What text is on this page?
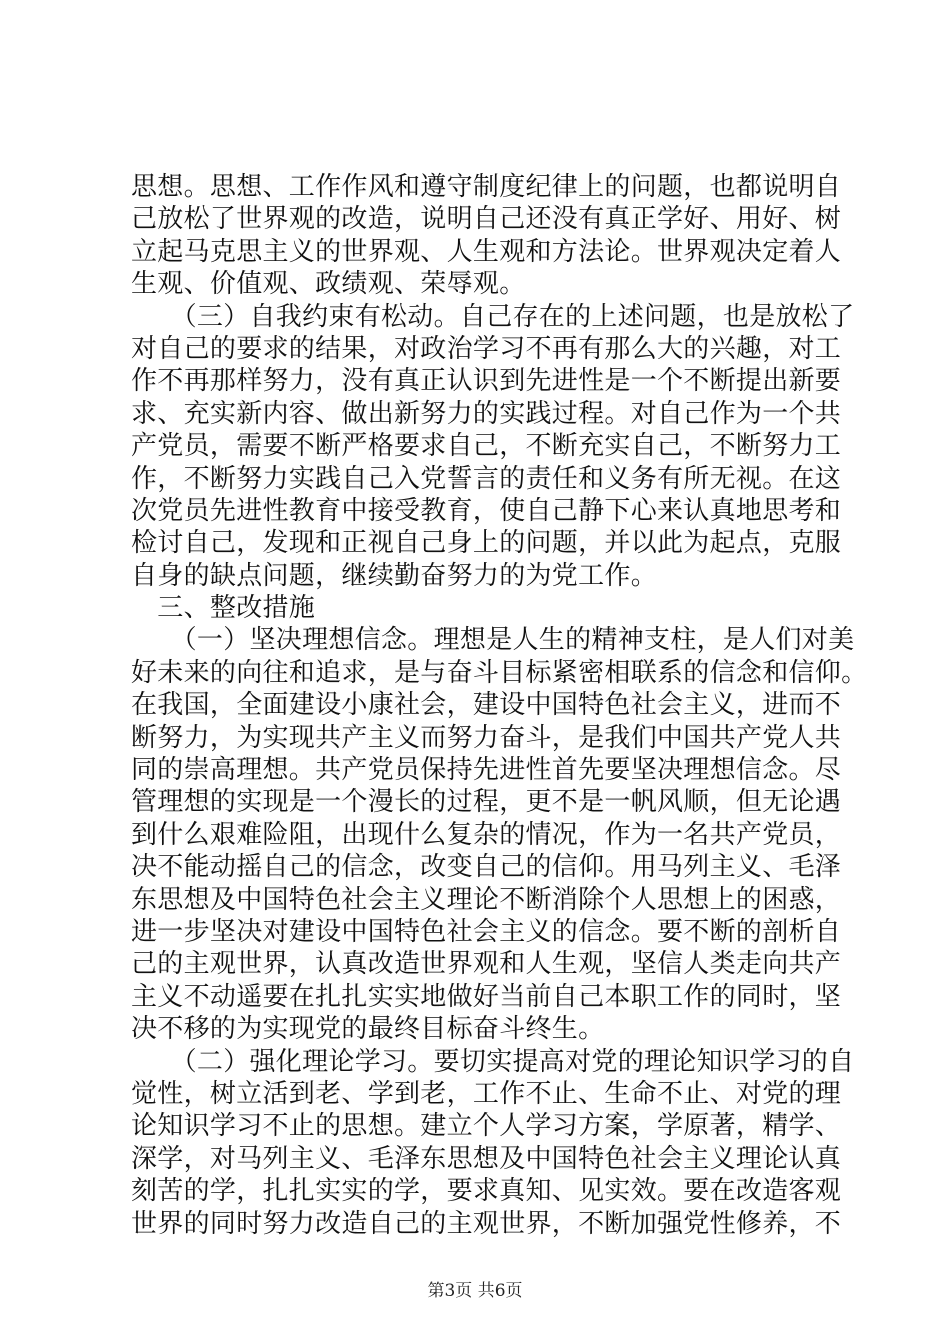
思想。思想、工作作风和遵守制度纪律上的问题，也都说明自
己放松了世界观的改造，说明自己还没有真正学好、用好、树
立起马克思主义的世界观、人生观和方法论。世界观决定着人
生观、价值观、政绩观、荣辱观。
　　（三）自我约束有松动。自己存在的上述问题，也是放松了
对自己的要求的结果，对政治学习不再有那么大的兴趣，对工
作不再那样努力，没有真正认识到先进性是一个不断提出新要
求、充实新内容、做出新努力的实践过程。对自己作为一个共
产党员，需要不断严格要求自己，不断充实自己，不断努力工
作，不断努力实践自己入党誓言的责任和义务有所无视。在这
次党员先进性教育中接受教育，使自己静下心来认真地思考和
检讨自己，发现和正视自己身上的问题，并以此为起点，克服
自身的缺点问题，继续勤奋努力的为党工作。
　三、整改措施
　　（一）坚决理想信念。理想是人生的精神支柱，是人们对美
好未来的向往和追求，是与奋斗目标紧密相联系的信念和信仰。
在我国，全面建设小康社会，建设中国特色社会主义，进而不
断努力，为实现共产主义而努力奋斗，是我们中国共产党人共
同的崇高理想。共产党员保持先进性首先要坚决理想信念。尽
管理想的实现是一个漫长的过程，更不是一帆风顺，但无论遇
到什么艰难险阻，出现什么复杂的情况，作为一名共产党员，
决不能动摇自己的信念，改变自己的信仰。用马列主义、毛泽
东思想及中国特色社会主义理论不断消除个人思想上的困惑，
进一步坚决对建设中国特色社会主义的信念。要不断的剖析自
己的主观世界，认真改造世界观和人生观，坚信人类走向共产
主义不动遥要在扎扎实实地做好当前自己本职工作的同时，坚
决不移的为实现党的最终目标奋斗终生。
　　（二）强化理论学习。要切实提高对党的理论知识学习的自
觉性，树立活到老、学到老，工作不止、生命不止、对党的理
论知识学习不止的思想。建立个人学习方案，学原著，精学、
深学，对马列主义、毛泽东思想及中国特色社会主义理论认真
刻苦的学，扎扎实实的学，要求真知、见实效。要在改造客观
世界的同时努力改造自己的主观世界，不断加强党性修养，不
第3页 共6页
